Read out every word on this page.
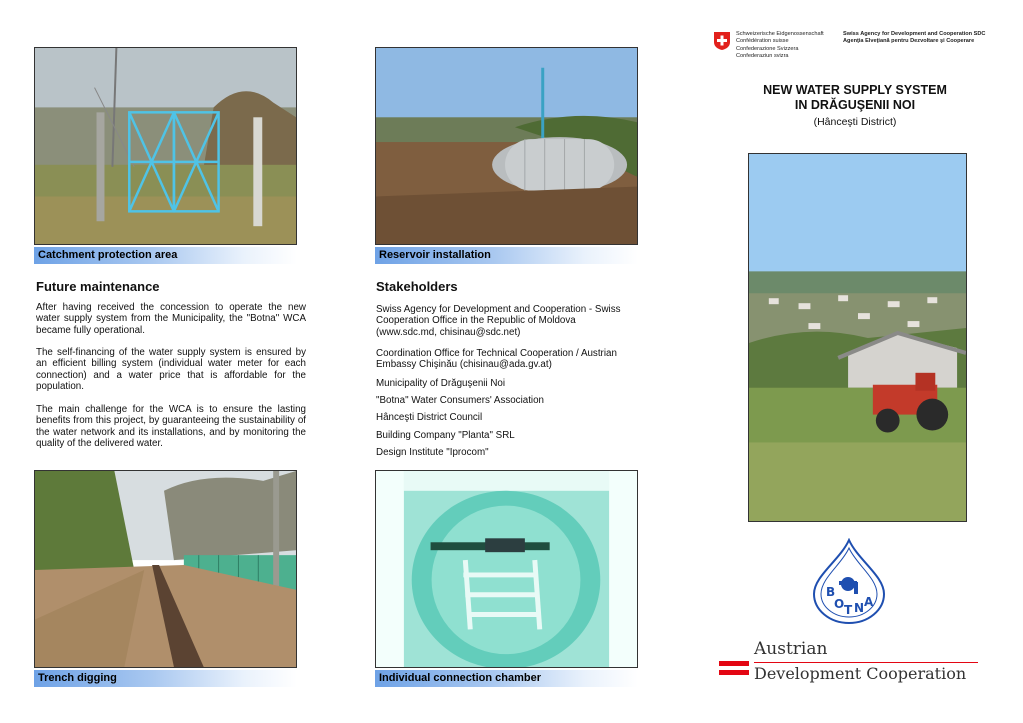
Catchment protection area	Reservoir installation
Trench digging	Individual connection chamber
Future maintenance

After having received the concession to operate the new water supply system from the Municipality, the "Botna" WCA became fully operational.

The self-financing of the water supply system is ensured by an efficient billing system (individual water meter for each connection) and a water price that is affordable for the population.

The main challenge for the WCA is to ensure the lasting benefits from this project, by guaranteeing the sustainability of the water network and its installations, and by monitoring the quality of the delivered water.

Stakeholders

Swiss Agency for Development and Cooperation - Swiss Cooperation Office in the Republic of Moldova (www.sdc.md, chisinau@sdc.net)

Coordination Office for Technical Cooperation / Austrian Embassy Chişinău (chisinau@ada.gv.at)

Municipality of Drăguşenii Noi

"Botna" Water Consumers' Association

Hânceşti District Council

Building Company "Planta" SRL

Design Institute "Iprocom"

Schweizerische Eidgenossenschaft
Confédération suisse
Confederazione Svizzera
Confederaziun svizra
Swiss Agency for Development and Cooperation SDC
Agenţia Elveţiană pentru Dezvoltare şi Cooperare
NEW WATER SUPPLY SYSTEM
IN DRĂGUŞENII NOI
(Hânceşti District)
B
O T N A
Austrian
Development Cooperation
